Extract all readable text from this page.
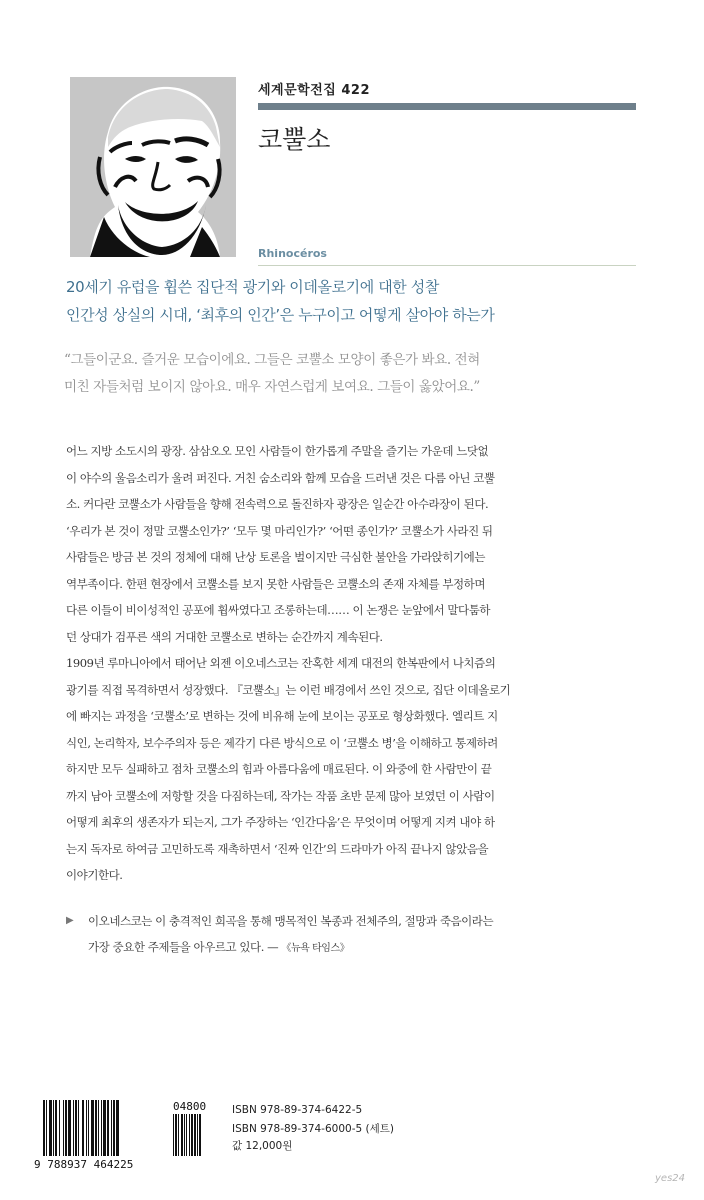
세계문학전집 422
코뿔소
Rhinocéros
20세기 유럽을 휩쓴 집단적 광기와 이데올로기에 대한 성찰
인간성 상실의 시대, ‘최후의 인간’은 누구이고 어떻게 살아야 하는가
“그들이군요. 즐거운 모습이에요. 그들은 코뿔소 모양이 좋은가 봐요. 전혀
미친 자들처럼 보이지 않아요. 매우 자연스럽게 보여요. 그들이 옳았어요.”
어느 지방 소도시의 광장. 삼삼오오 모인 사람들이 한가롭게 주말을 즐기는 가운데 느닷없
이 야수의 울음소리가 울려 퍼진다. 거친 숨소리와 함께 모습을 드러낸 것은 다름 아닌 코뿔
소. 커다란 코뿔소가 사람들을 향해 전속력으로 돌진하자 광장은 일순간 아수라장이 된다.
‘우리가 본 것이 정말 코뿔소인가?’ ‘모두 몇 마리인가?’ ‘어떤 종인가?’ 코뿔소가 사라진 뒤
사람들은 방금 본 것의 정체에 대해 난상 토론을 벌이지만 극심한 불안을 가라앉히기에는
역부족이다. 한편 현장에서 코뿔소를 보지 못한 사람들은 코뿔소의 존재 자체를 부정하며
다른 이들이 비이성적인 공포에 휩싸였다고 조롱하는데…… 이 논쟁은 눈앞에서 말다툼하
던 상대가 검푸른 색의 거대한 코뿔소로 변하는 순간까지 계속된다.
1909년 루마니아에서 태어난 외젠 이오네스코는 잔혹한 세계 대전의 한복판에서 나치즘의
광기를 직접 목격하면서 성장했다. 『코뿔소』는 이런 배경에서 쓰인 것으로, 집단 이데올로기
에 빠지는 과정을 ‘코뿔소’로 변하는 것에 비유해 눈에 보이는 공포로 형상화했다. 엘리트 지
식인, 논리학자, 보수주의자 등은 제각기 다른 방식으로 이 ‘코뿔소 병’을 이해하고 통제하려
하지만 모두 실패하고 점차 코뿔소의 힘과 아름다움에 매료된다. 이 와중에 한 사람만이 끝
까지 남아 코뿔소에 저항할 것을 다짐하는데, 작가는 작품 초반 문제 많아 보였던 이 사람이
어떻게 최후의 생존자가 되는지, 그가 주장하는 ‘인간다움’은 무엇이며 어떻게 지켜 내야 하
는지 독자로 하여금 고민하도록 재촉하면서 ‘진짜 인간’의 드라마가 아직 끝나지 않았음을
이야기한다.
▶ 이오네스코는 이 충격적인 희곡을 통해 맹목적인 복종과 전체주의, 절망과 죽음이라는
가장 중요한 주제들을 아우르고 있다. — 《뉴욕 타임스》
9 788937 464225
04800 ISBN 978-89-374-6422-5
ISBN 978-89-374-6000-5 (세트)
값 12,000원
yes24
